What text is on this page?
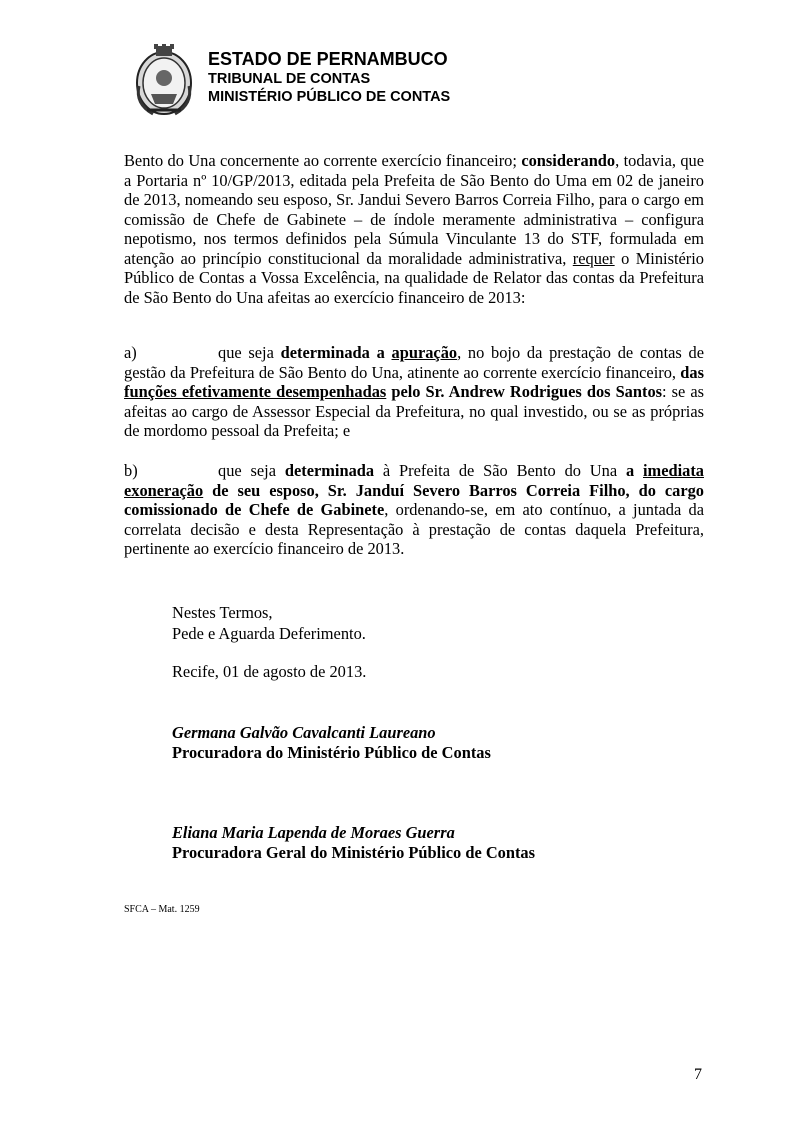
ESTADO DE PERNAMBUCO
TRIBUNAL DE CONTAS
MINISTÉRIO PÚBLICO DE CONTAS
Bento do Una concernente ao corrente exercício financeiro; considerando, todavia, que a Portaria nº 10/GP/2013, editada pela Prefeita de São Bento do Uma em 02 de janeiro de 2013, nomeando seu esposo, Sr. Jandui Severo Barros Correia Filho, para o cargo em comissão de Chefe de Gabinete – de índole meramente administrativa – configura nepotismo, nos termos definidos pela Súmula Vinculante 13 do STF, formulada em atenção ao princípio constitucional da moralidade administrativa, requer o Ministério Público de Contas a Vossa Excelência, na qualidade de Relator das contas da Prefeitura de São Bento do Una afeitas ao exercício financeiro de 2013:
a)	que seja determinada a apuração, no bojo da prestação de contas de gestão da Prefeitura de São Bento do Una, atinente ao corrente exercício financeiro, das funções efetivamente desempenhadas pelo Sr. Andrew Rodrigues dos Santos: se as afeitas ao cargo de Assessor Especial da Prefeitura, no qual investido, ou se as próprias de mordomo pessoal da Prefeita; e
b)	que seja determinada à Prefeita de São Bento do Una a imediata exoneração de seu esposo, Sr. Janduí Severo Barros Correia Filho, do cargo comissionado de Chefe de Gabinete, ordenando-se, em ato contínuo, a juntada da correlata decisão e desta Representação à prestação de contas daquela Prefeitura, pertinente ao exercício financeiro de 2013.
Nestes Termos,
Pede e Aguarda Deferimento.
Recife, 01 de agosto de 2013.
Germana Galvão Cavalcanti Laureano
Procuradora do Ministério Público de Contas
Eliana Maria Lapenda de Moraes Guerra
Procuradora Geral do Ministério Público de Contas
SFCA – Mat. 1259
7
